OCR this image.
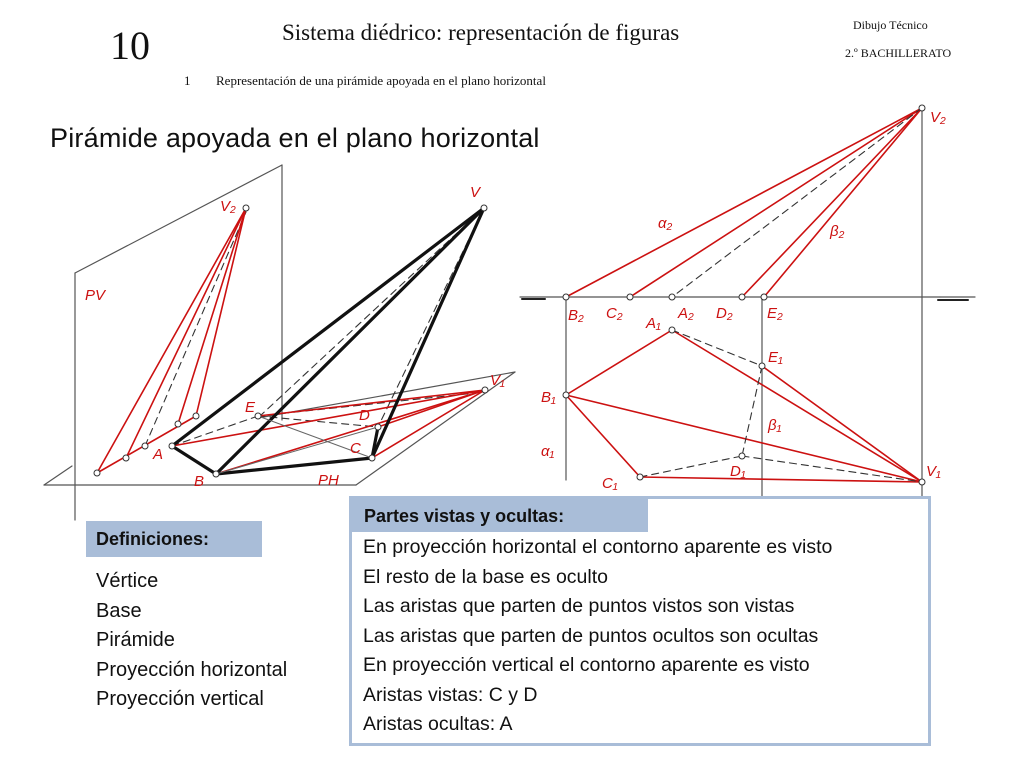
10	Sistema diédrico: representación de figuras	Dibujo Técnico
2.º BACHILLERATO
1 Representación de una pirámide apoyada en el plano horizontal
Pirámide apoyada en el plano horizontal
V₂
V
PV
V₁
E	D
C
A
B	PH
V₂
α₂	β₂
B₂ C₂	A₂ D₂ E₂
A₁
E₁
B₁
β₁
α₁
D₁	V₁
C₁
Definiciones:
Vértice
Base
Pirámide
Proyección horizontal
Proyección vertical
Partes vistas y ocultas:
En proyección horizontal el contorno aparente es visto
El resto de la base es oculto
Las aristas que parten de puntos vistos son vistas
Las aristas que parten de puntos ocultos son ocultas
En proyección vertical el contorno aparente es visto
Aristas vistas: C y D
Aristas ocultas: A
